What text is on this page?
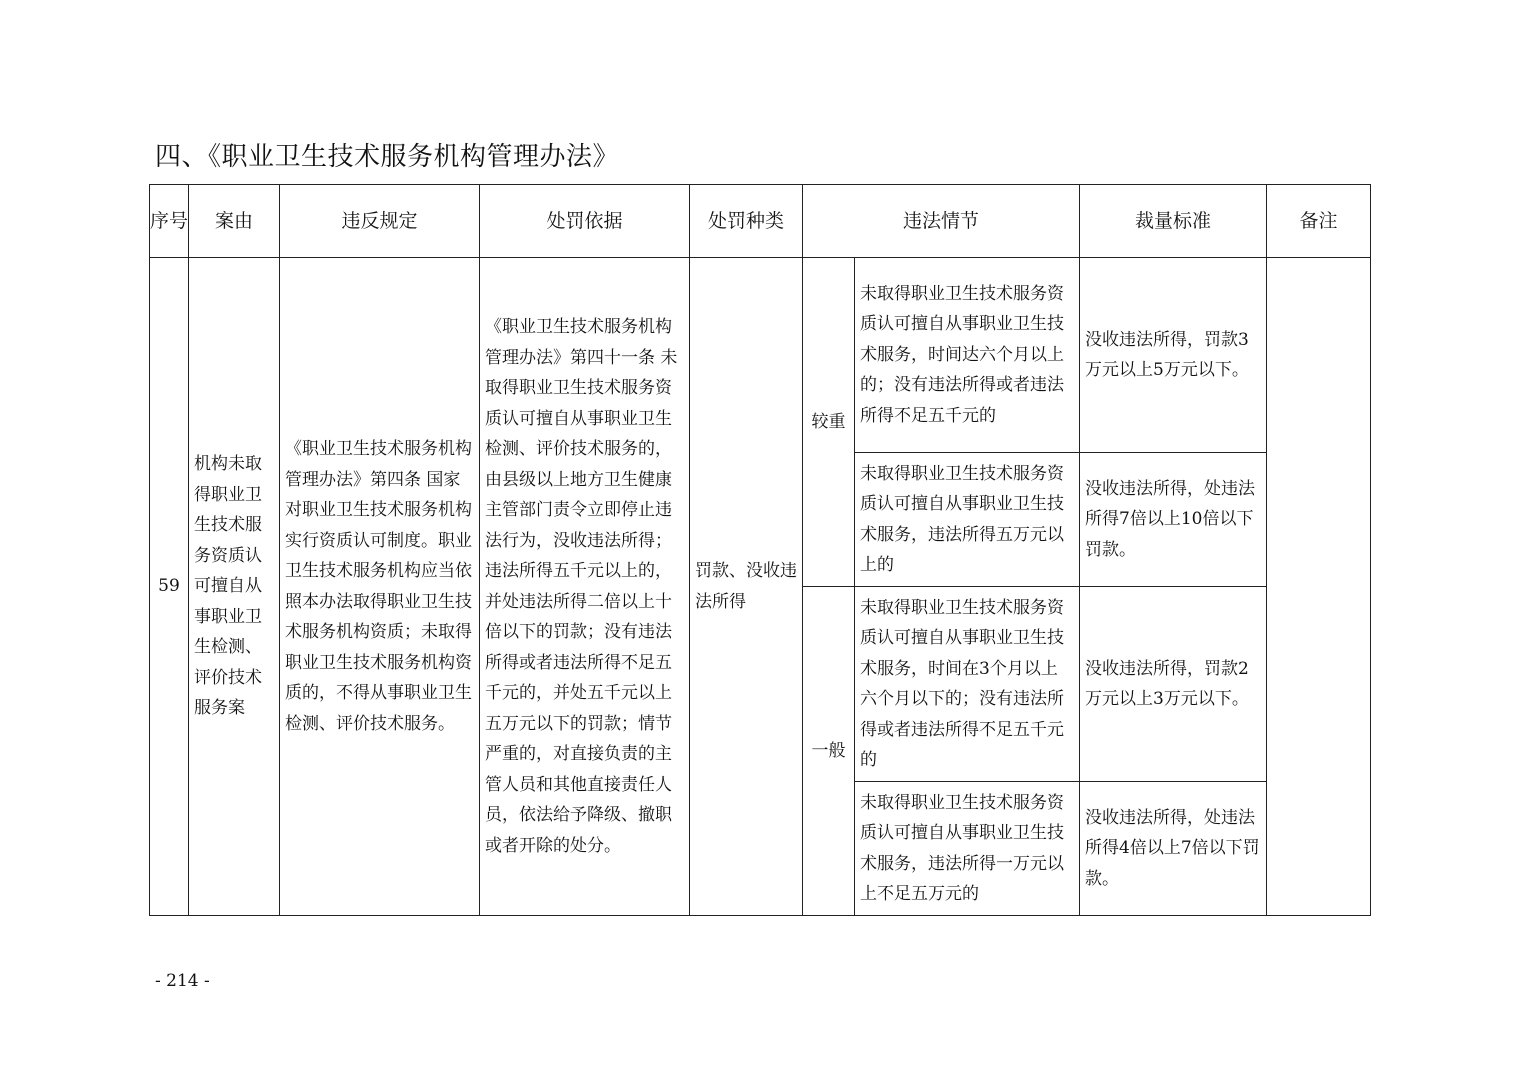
四、《职业卫生技术服务机构管理办法》
序号	案由	违反规定	处罚依据	处罚种类	违法情节		裁量标准	备注
59	机构未取得职业卫生技术服务资质认可擅自从事职业卫生检测、评价技术服务案	《职业卫生技术服务机构管理办法》第四条 国家对职业卫生技术服务机构实行资质认可制度。职业卫生技术服务机构应当依照本办法取得职业卫生技术服务机构资质；未取得职业卫生技术服务机构资质的，不得从事职业卫生检测、评价技术服务。	《职业卫生技术服务机构管理办法》第四十一条 未取得职业卫生技术服务资质认可擅自从事职业卫生检测、评价技术服务的，由县级以上地方卫生健康主管部门责令立即停止违法行为，没收违法所得；违法所得五千元以上的，并处违法所得二倍以上十倍以下的罚款；没有违法所得或者违法所得不足五千元的，并处五千元以上五万元以下的罚款；情节严重的，对直接负责的主管人员和其他直接责任人员，依法给予降级、撤职或者开除的处分。	罚款、没收违法所得	较重	未取得职业卫生技术服务资质认可擅自从事职业卫生技术服务，时间达六个月以上的；没有违法所得或者违法所得不足五千元的	没收违法所得，罚款3万元以上5万元以下。	
						未取得职业卫生技术服务资质认可擅自从事职业卫生技术服务，违法所得五万元以上的	没收违法所得，处违法所得7倍以上10倍以下罚款。	
					一般	未取得职业卫生技术服务资质认可擅自从事职业卫生技术服务，时间在3个月以上六个月以下的；没有违法所得或者违法所得不足五千元的	没收违法所得，罚款2万元以上3万元以下。	
						未取得职业卫生技术服务资质认可擅自从事职业卫生技术服务，违法所得一万元以上不足五万元的	没收违法所得，处违法所得4倍以上7倍以下罚款。	
- 214 -
